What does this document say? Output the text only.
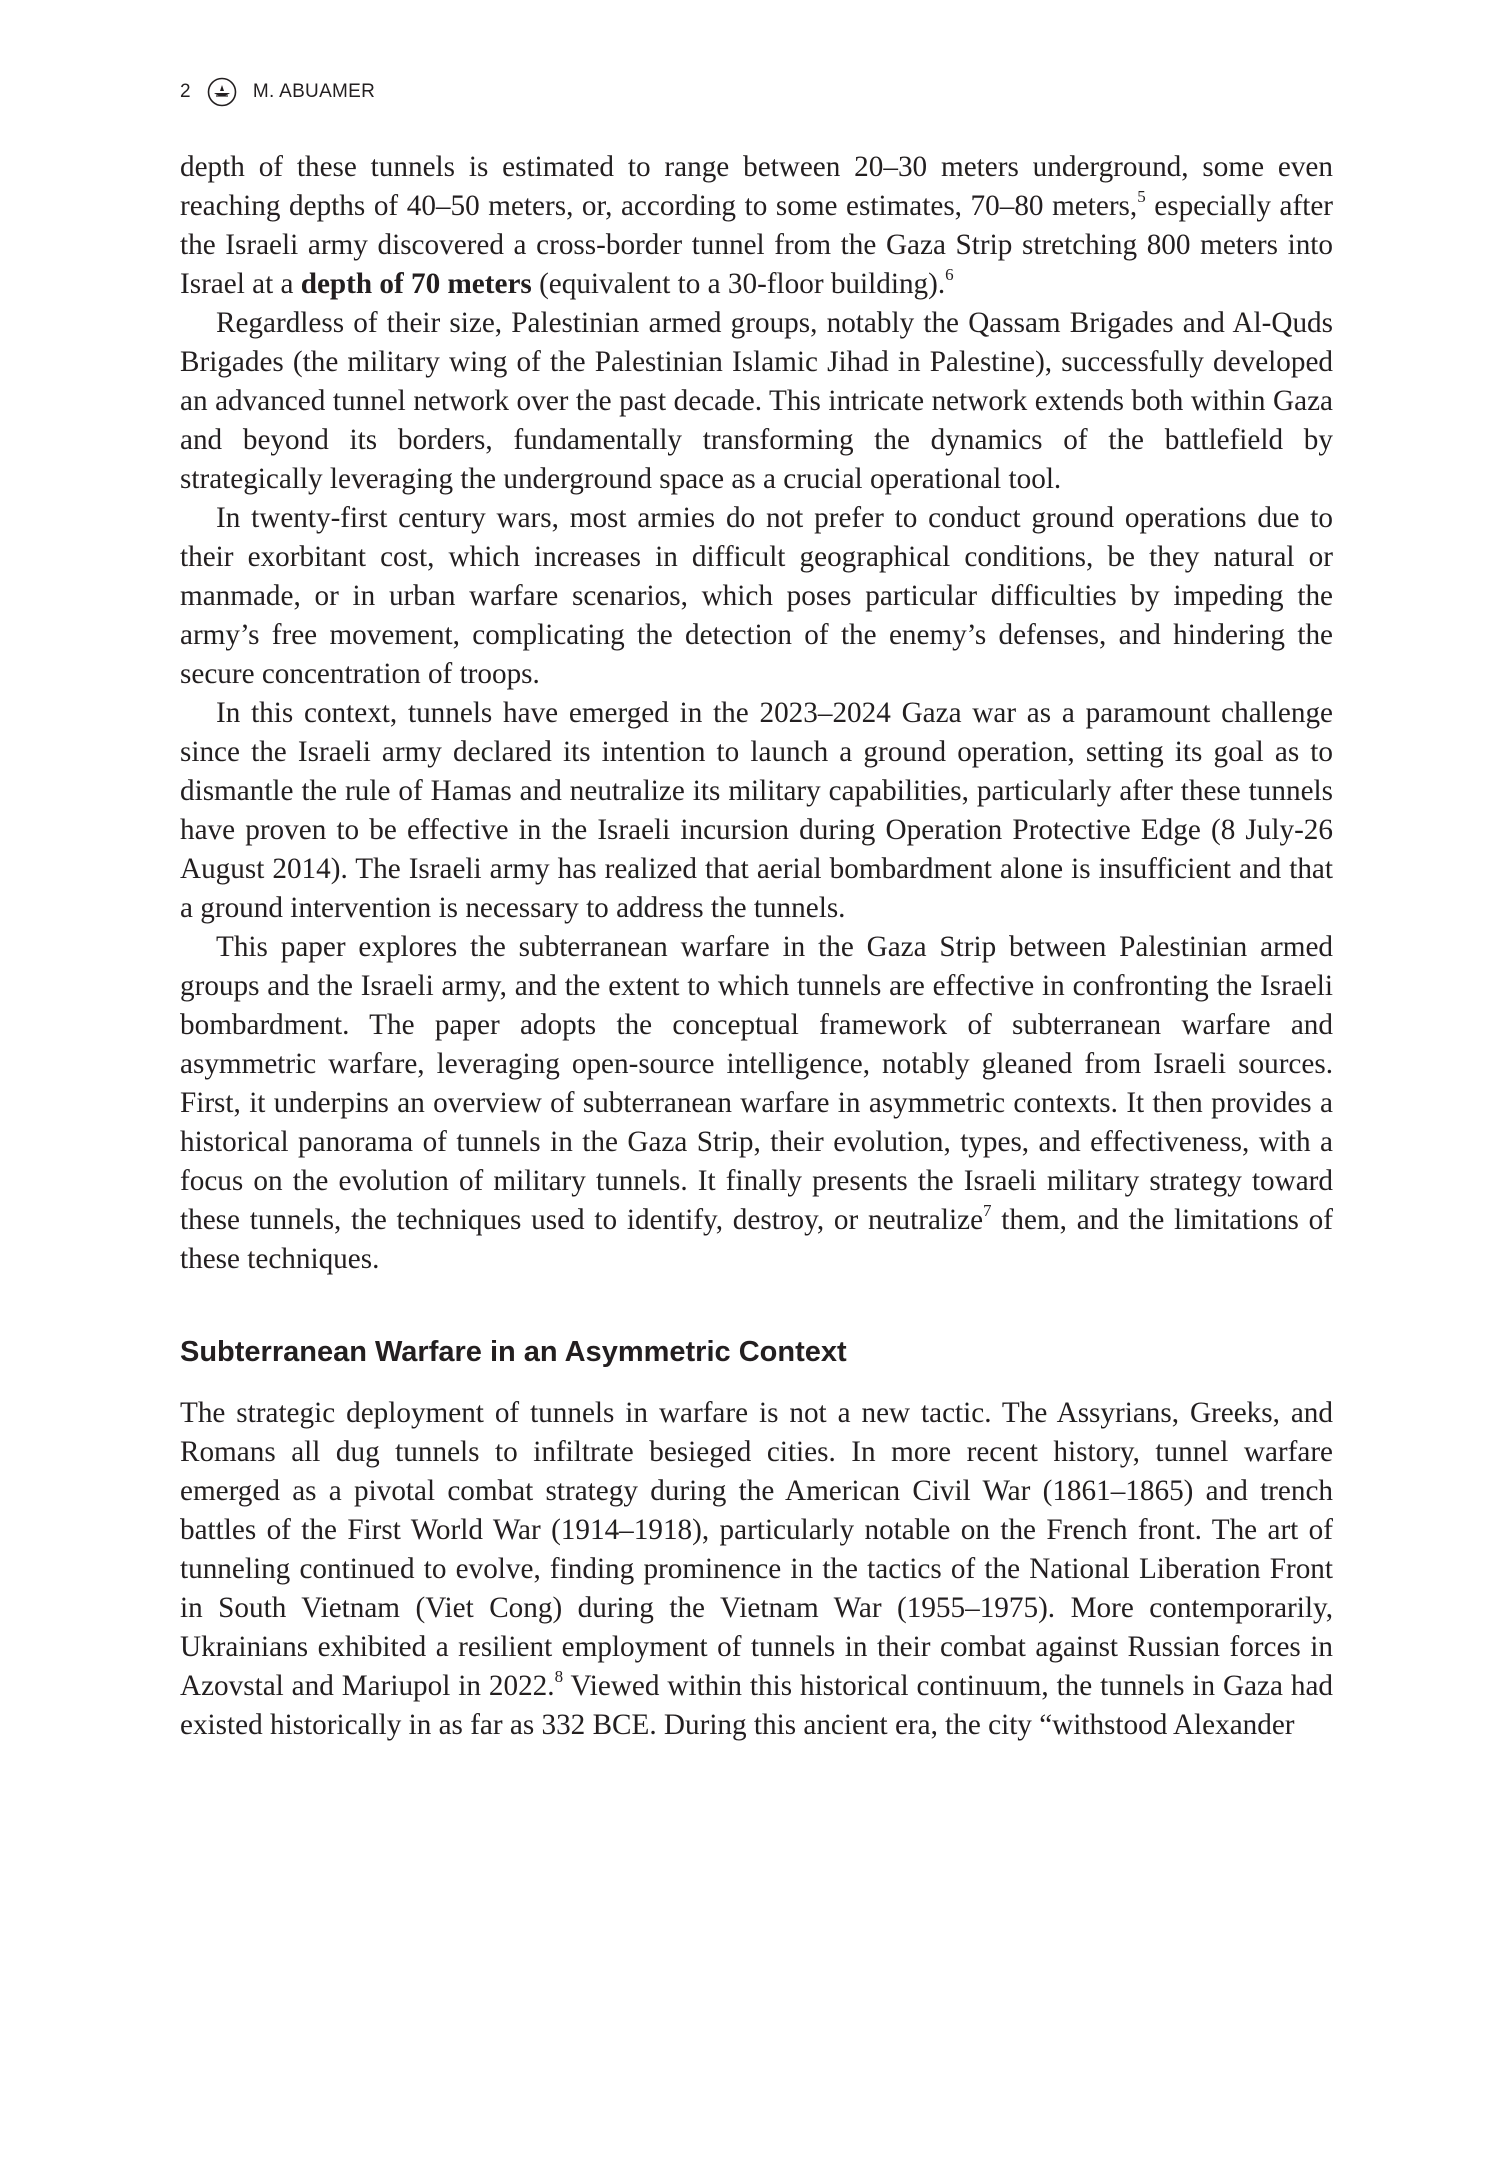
2	M. ABUAMER

depth of these tunnels is estimated to range between 20–30 meters underground, some even reaching depths of 40–50 meters, or, according to some estimates, 70–80 meters,$^5$ especially after the Israeli army discovered a cross-border tunnel from the Gaza Strip stretching 800 meters into Israel at a depth of 70 meters (equivalent to a 30-floor building).$^6$

Regardless of their size, Palestinian armed groups, notably the Qassam Brigades and Al-Quds Brigades (the military wing of the Palestinian Islamic Jihad in Palestine), successfully developed an advanced tunnel network over the past decade. This intricate network extends both within Gaza and beyond its borders, fundamentally transforming the dynamics of the battlefield by strategically leveraging the underground space as a crucial operational tool.

In twenty-first century wars, most armies do not prefer to conduct ground operations due to their exorbitant cost, which increases in difficult geographical conditions, be they natural or manmade, or in urban warfare scenarios, which poses particular difficulties by impeding the army’s free movement, complicating the detection of the enemy’s defenses, and hindering the secure concentration of troops.

In this context, tunnels have emerged in the 2023–2024 Gaza war as a paramount challenge since the Israeli army declared its intention to launch a ground operation, setting its goal as to dismantle the rule of Hamas and neutralize its military capabilities, particularly after these tunnels have proven to be effective in the Israeli incursion during Operation Protective Edge (8 July-26 August 2014). The Israeli army has realized that aerial bombardment alone is insufficient and that a ground intervention is necessary to address the tunnels.

This paper explores the subterranean warfare in the Gaza Strip between Palestinian armed groups and the Israeli army, and the extent to which tunnels are effective in confronting the Israeli bombardment. The paper adopts the conceptual framework of subterranean warfare and asymmetric warfare, leveraging open-source intelligence, notably gleaned from Israeli sources. First, it underpins an overview of subterranean warfare in asymmetric contexts. It then provides a historical panorama of tunnels in the Gaza Strip, their evolution, types, and effectiveness, with a focus on the evolution of military tunnels. It finally presents the Israeli military strategy toward these tunnels, the techniques used to identify, destroy, or neutralize$^7$ them, and the limitations of these techniques.

Subterranean Warfare in an Asymmetric Context

The strategic deployment of tunnels in warfare is not a new tactic. The Assyrians, Greeks, and Romans all dug tunnels to infiltrate besieged cities. In more recent history, tunnel warfare emerged as a pivotal combat strategy during the American Civil War (1861–1865) and trench battles of the First World War (1914–1918), particularly notable on the French front. The art of tunneling continued to evolve, finding prominence in the tactics of the National Liberation Front in South Vietnam (Viet Cong) during the Vietnam War (1955–1975). More contemporarily, Ukrainians exhibited a resilient employment of tunnels in their combat against Russian forces in Azovstal and Mariupol in 2022.$^8$ Viewed within this historical continuum, the tunnels in Gaza had existed historically in as far as 332 BCE. During this ancient era, the city “withstood Alexander
